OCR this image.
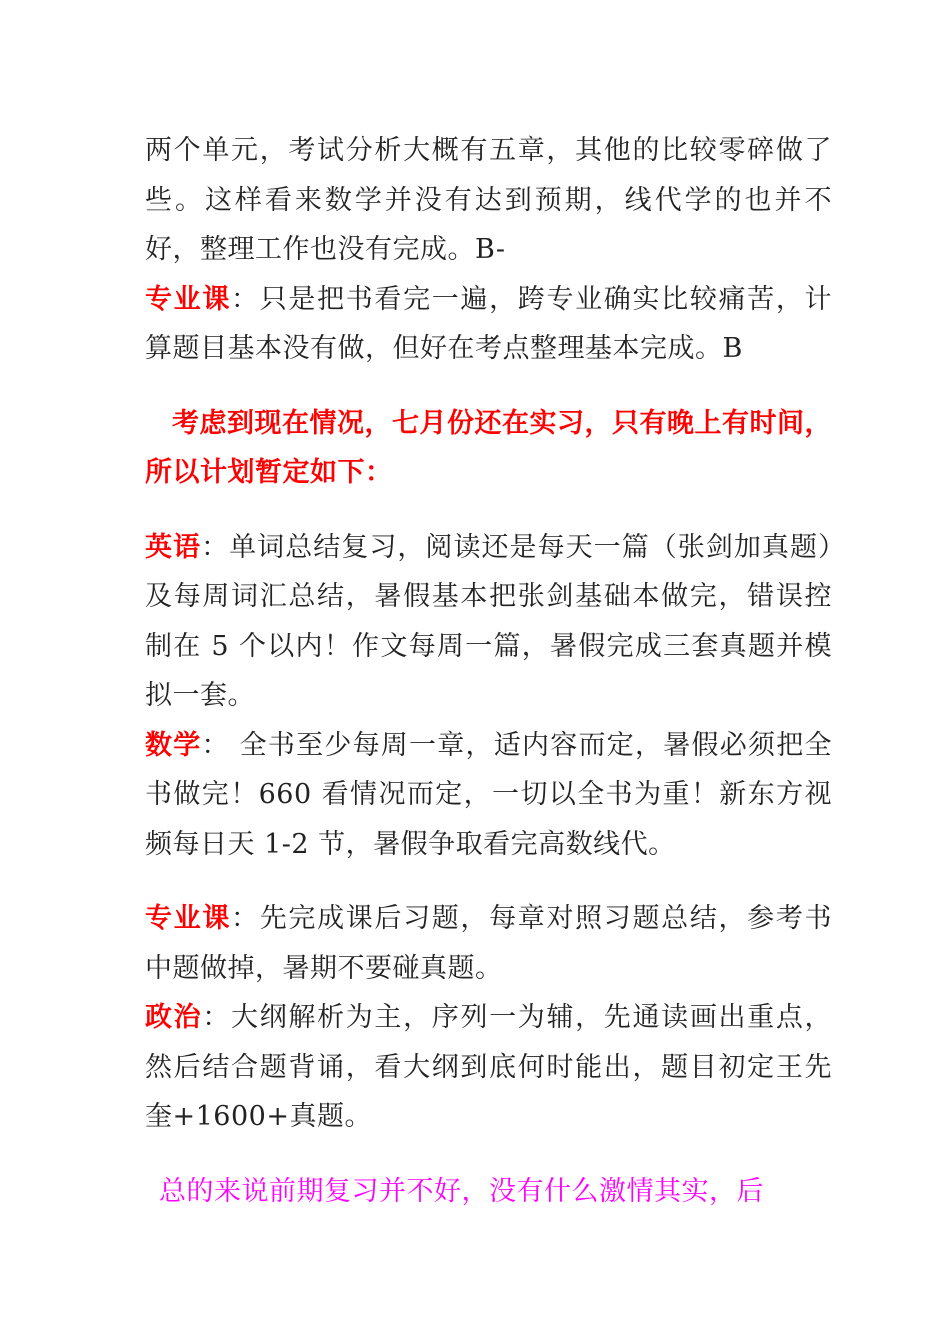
两个单元，考试分析大概有五章，其他的比较零碎做了些。这样看来数学并没有达到预期，线代学的也并不好，整理工作也没有完成。B-

专业课：只是把书看完一遍，跨专业确实比较痛苦，计算题目基本没有做，但好在考点整理基本完成。B

考虑到现在情况，七月份还在实习，只有晚上有时间，所以计划暂定如下：

英语：单词总结复习，阅读还是每天一篇（张剑加真题）及每周词汇总结，暑假基本把张剑基础本做完，错误控制在 5 个以内！作文每周一篇，暑假完成三套真题并模拟一套。

数学： 全书至少每周一章，适内容而定，暑假必须把全书做完！660 看情况而定，一切以全书为重！新东方视频每日天 1-2 节，暑假争取看完高数线代。

专业课：先完成课后习题，每章对照习题总结，参考书中题做掉，暑期不要碰真题。

政治：大纲解析为主，序列一为辅，先通读画出重点，然后结合题背诵，看大纲到底何时能出，题目初定王先奎+1600+真题。

总的来说前期复习并不好，没有什么激情其实，后
